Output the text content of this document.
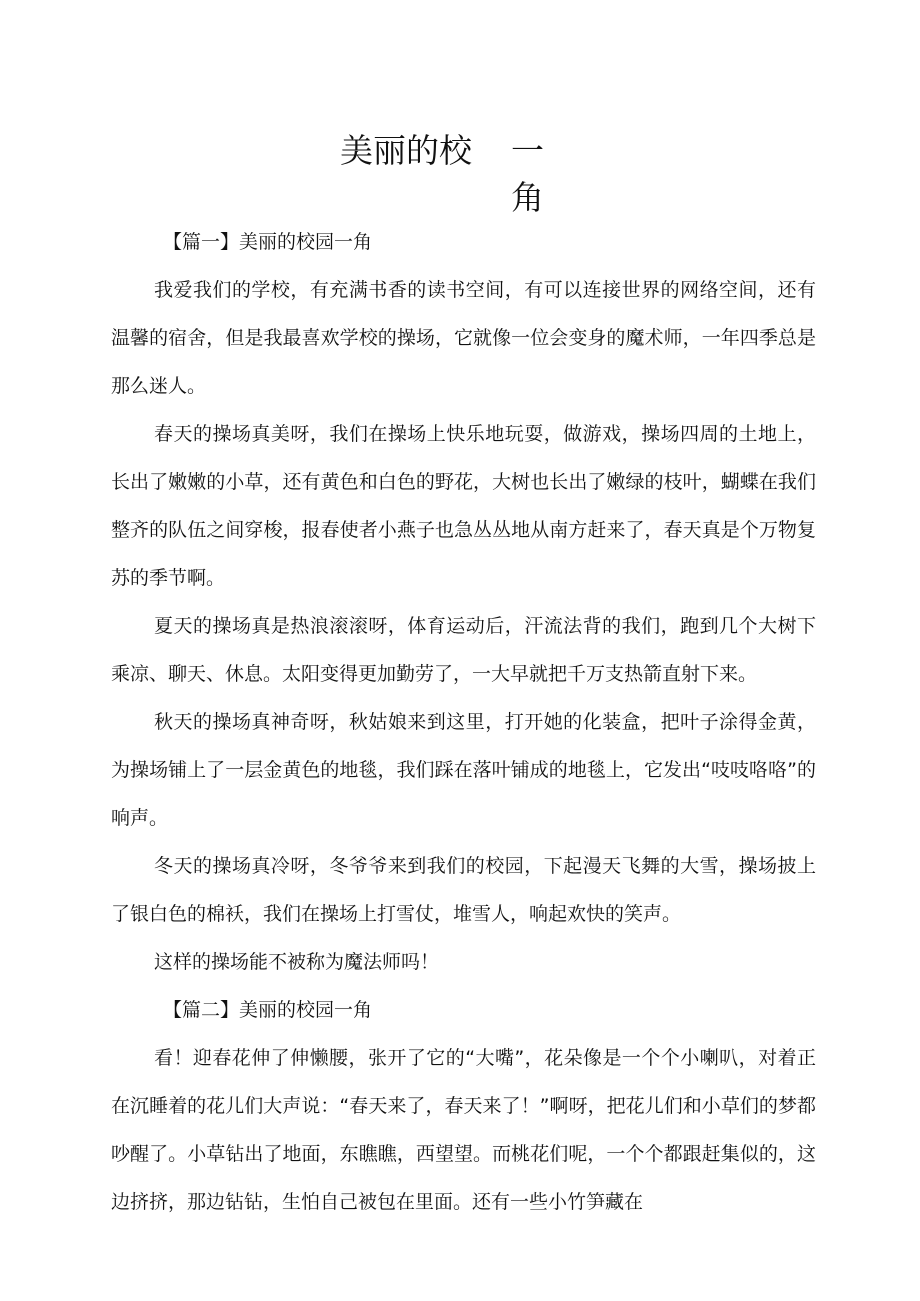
美丽的校 一
角

【篇一】美丽的校园一角

我爱我们的学校，有充满书香的读书空间，有可以连接世界的网络空间，还有温馨的宿舍，但是我最喜欢学校的操场，它就像一位会变身的魔术师，一年四季总是那么迷人。

春天的操场真美呀，我们在操场上快乐地玩耍，做游戏，操场四周的土地上，长出了嫩嫩的小草，还有黄色和白色的野花，大树也长出了嫩绿的枝叶，蝴蝶在我们整齐的队伍之间穿梭，报春使者小燕子也急丛丛地从南方赶来了，春天真是个万物复苏的季节啊。

夏天的操场真是热浪滚滚呀，体育运动后，汗流法背的我们，跑到几个大树下乘凉、聊天、休息。太阳变得更加勤劳了，一大早就把千万支热箭直射下来。

秋天的操场真神奇呀，秋姑娘来到这里，打开她的化装盒，把叶子涂得金黄，为操场铺上了一层金黄色的地毯，我们踩在落叶铺成的地毯上，它发出“吱吱咯咯”的响声。

冬天的操场真冷呀，冬爷爷来到我们的校园，下起漫天飞舞的大雪，操场披上了银白色的棉袄，我们在操场上打雪仗，堆雪人，响起欢快的笑声。

这样的操场能不被称为魔法师吗！

【篇二】美丽的校园一角

看！迎春花伸了伸懒腰，张开了它的“大嘴”，花朵像是一个个小喇叭，对着正在沉睡着的花儿们大声说：“春天来了，春天来了！”啊呀，把花儿们和小草们的梦都吵醒了。小草钻出了地面，东瞧瞧，西望望。而桃花们呢，一个个都跟赶集似的，这边挤挤，那边钻钻，生怕自己被包在里面。还有一些小竹笋藏在
